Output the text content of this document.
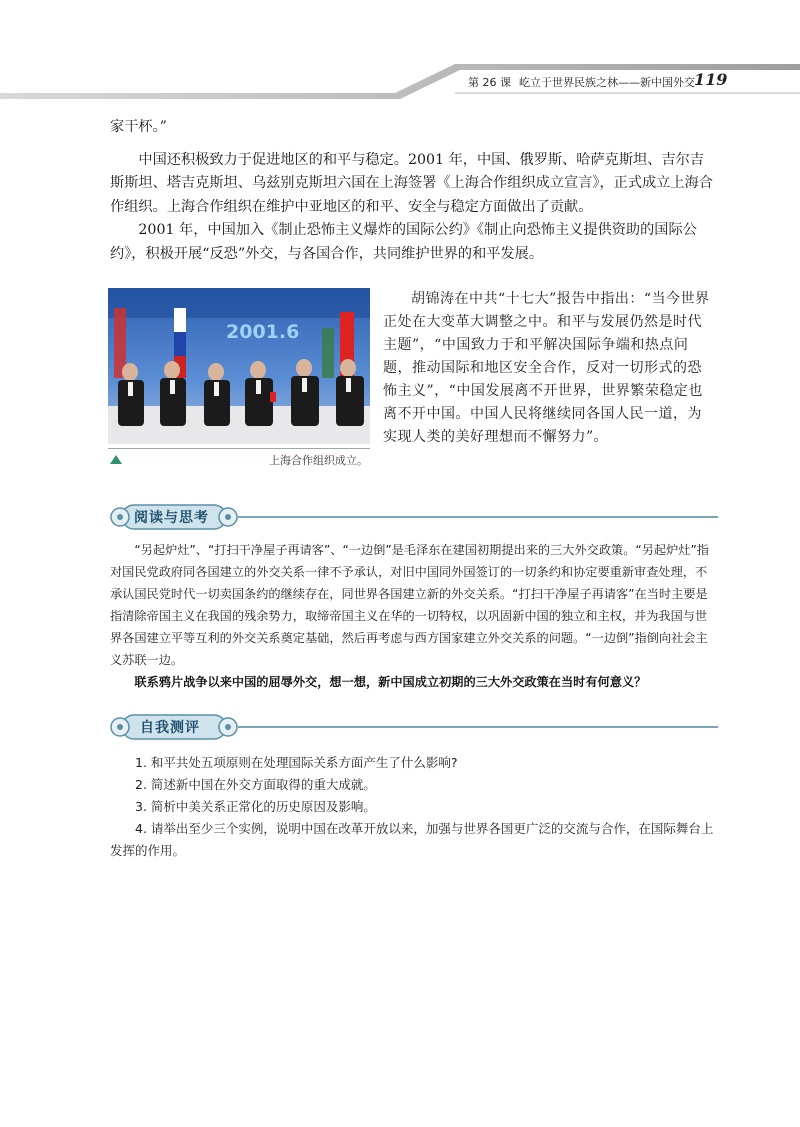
第 26 课 屹立于世界民族之林——新中国外交 119

家干杯。”

中国还积极致力于促进地区的和平与稳定。2001 年，中国、俄罗斯、哈萨克斯坦、吉尔吉斯斯坦、塔吉克斯坦、乌兹别克斯坦六国在上海签署《上海合作组织成立宣言》，正式成立上海合作组织。上海合作组织在维护中亚地区的和平、安全与稳定方面做出了贡献。

2001 年，中国加入《制止恐怖主义爆炸的国际公约》《制止向恐怖主义提供资助的国际公约》，积极开展“反恐”外交，与各国合作，共同维护世界的和平发展。

2001.6
上海合作组织成立。

胡锦涛在中共“十七大”报告中指出：“当今世界正处在大变革大调整之中。和平与发展仍然是时代主题”，“中国致力于和平解决国际争端和热点问题，推动国际和地区安全合作，反对一切形式的恐怖主义”，“中国发展离不开世界，世界繁荣稳定也离不开中国。中国人民将继续同各国人民一道，为实现人类的美好理想而不懈努力”。

阅读与思考

“另起炉灶”、“打扫干净屋子再请客”、“一边倒”是毛泽东在建国初期提出来的三大外交政策。“另起炉灶”指对国民党政府同各国建立的外交关系一律不予承认，对旧中国同外国签订的一切条约和协定要重新审查处理，不承认国民党时代一切卖国条约的继续存在，同世界各国建立新的外交关系。“打扫干净屋子再请客”在当时主要是指清除帝国主义在我国的残余势力，取缔帝国主义在华的一切特权，以巩固新中国的独立和主权，并为我国与世界各国建立平等互利的外交关系奠定基础，然后再考虑与西方国家建立外交关系的问题。“一边倒”指倒向社会主义苏联一边。

联系鸦片战争以来中国的屈辱外交，想一想，新中国成立初期的三大外交政策在当时有何意义？

自我测评

1. 和平共处五项原则在处理国际关系方面产生了什么影响?

2. 简述新中国在外交方面取得的重大成就。

3. 简析中美关系正常化的历史原因及影响。

4. 请举出至少三个实例，说明中国在改革开放以来，加强与世界各国更广泛的交流与合作，在国际舞台上发挥的作用。
